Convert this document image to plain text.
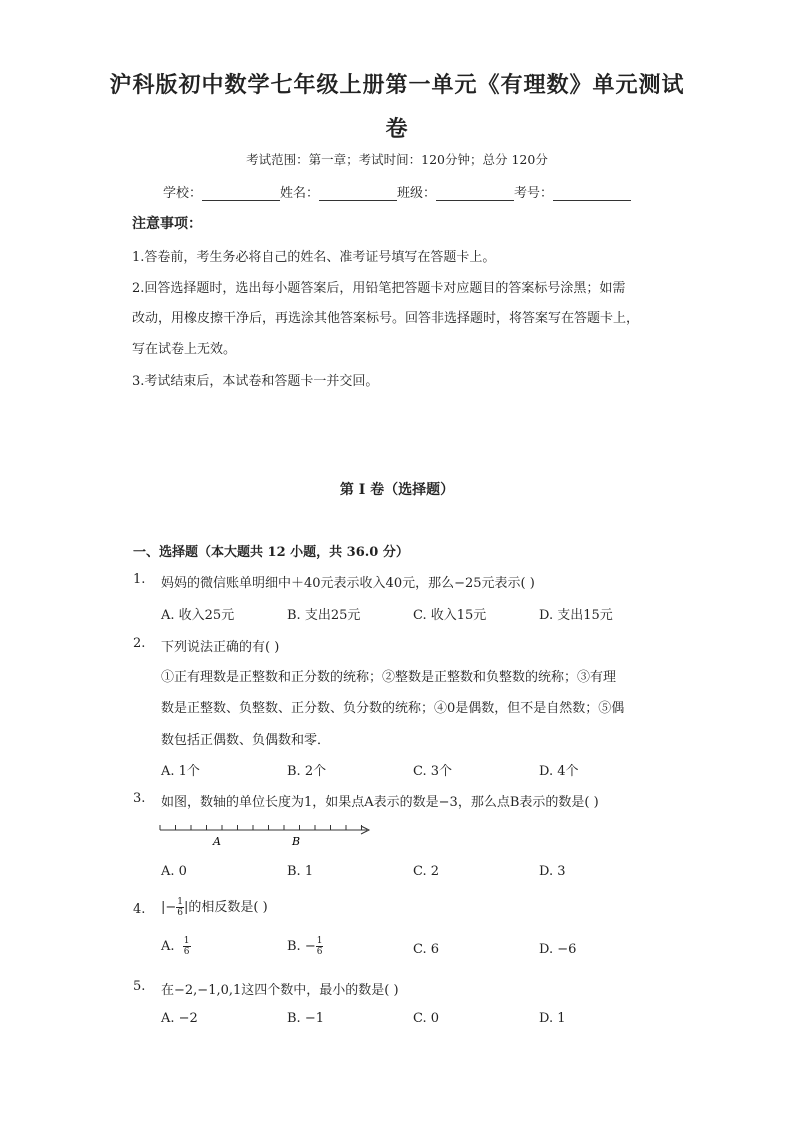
沪科版初中数学七年级上册第一单元《有理数》单元测试
卷
考试范围：第一章；考试时间：120分钟；总分 120分
学校：	姓名：	班级：	考号：
注意事项：
1.答卷前，考生务必将自己的姓名、准考证号填写在答题卡上。
2.回答选择题时，选出每小题答案后，用铅笔把答题卡对应题目的答案标号涂黑；如需
改动，用橡皮擦干净后，再选涂其他答案标号。回答非选择题时，将答案写在答题卡上，
写在试卷上无效。
3.考试结束后，本试卷和答题卡一并交回。
第 I 卷（选择题）
一、选择题（本大题共 12 小题，共 36.0 分）
1. 妈妈的微信账单明细中＋40元表示收入40元，那么−25元表示( )
A. 收入25元	B. 支出25元	C. 收入15元	D. 支出15元
2. 下列说法正确的有( )
①正有理数是正整数和正分数的统称；②整数是正整数和负整数的统称；③有理
数是正整数、负整数、正分数、负分数的统称；④0是偶数，但不是自然数；⑤偶
数包括正偶数、负偶数和零．
A. 1个	B. 2个	C. 3个	D. 4个
3. 如图，数轴的单位长度为1，如果点A表示的数是−3，那么点B表示的数是( )
A	B
A. 0	B. 1	C. 2	D. 3
4. |− $\frac{1}{6}$ |的相反数是( )
A. $\frac{1}{6}$	B. − $\frac{1}{6}$	C. 6	D. −6
5. 在−2,−1,0,1这四个数中，最小的数是( )
A. −2	B. −1	C. 0	D. 1
